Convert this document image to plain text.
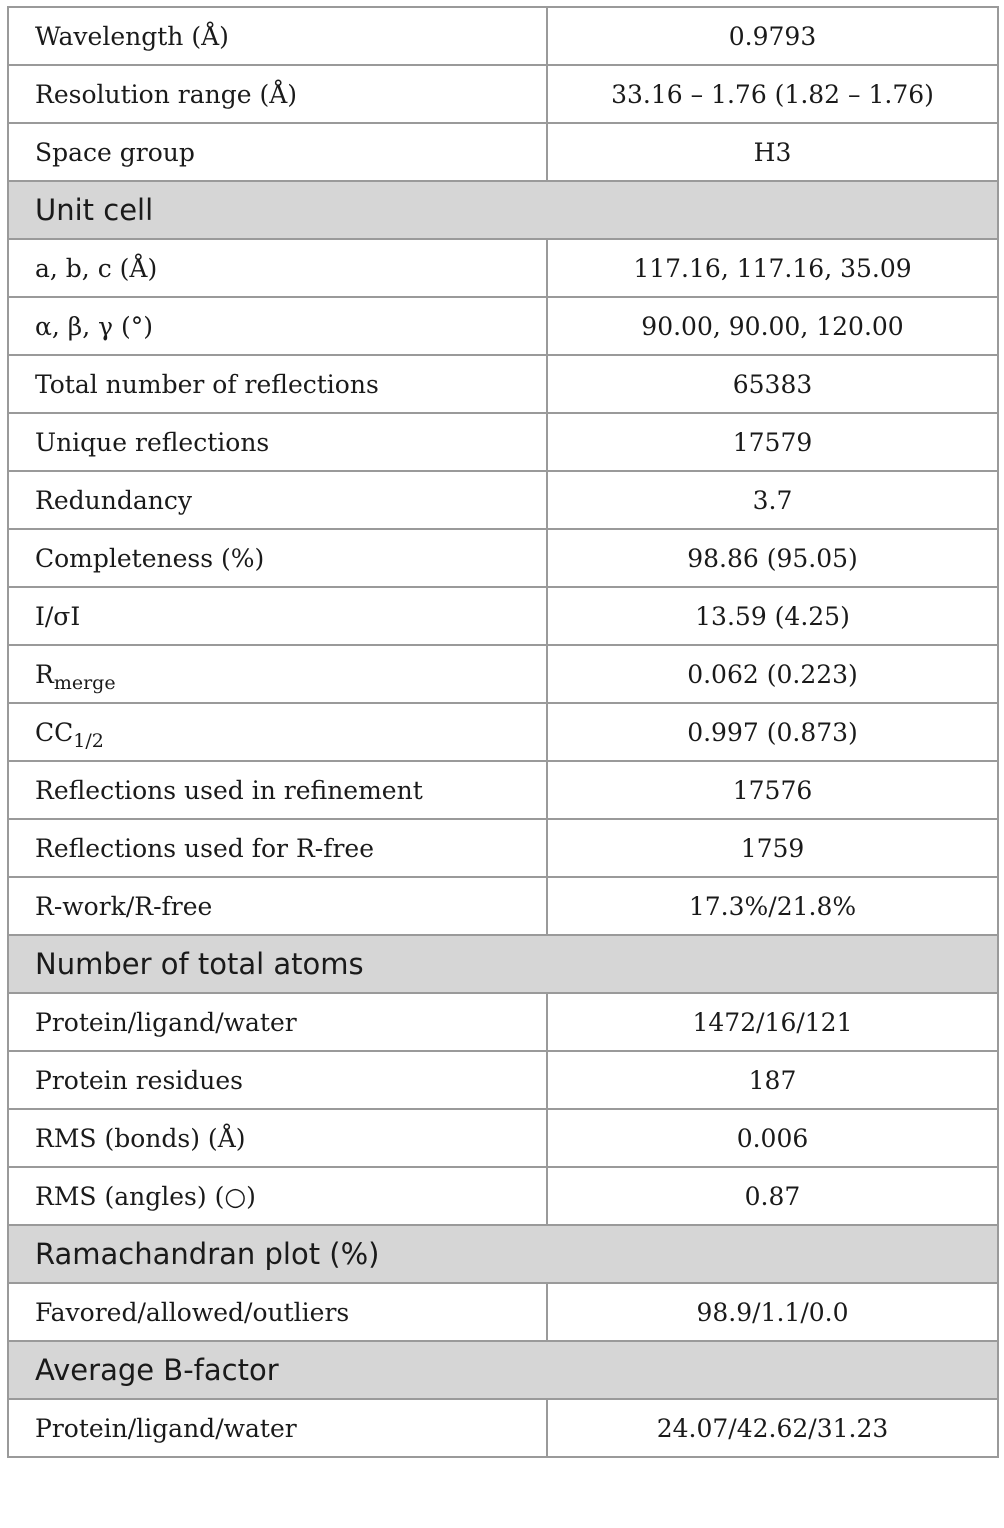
Wavelength (Å)	0.9793
Resolution range (Å)	33.16 – 1.76 (1.82 – 1.76)
Space group	H3
Unit cell	
a, b, c (Å)	117.16, 117.16, 35.09
α, β, γ (°)	90.00, 90.00, 120.00
Total number of reflections	65383
Unique reflections	17579
Redundancy	3.7
Completeness (%)	98.86 (95.05)
I/σI	13.59 (4.25)
$R_{merge}$	0.062 (0.223)
$CC_{1/2}$	0.997 (0.873)
Reflections used in refinement	17576
Reflections used for R-free	1759
R-work/R-free	17.3%/21.8%
Number of total atoms	
Protein/ligand/water	1472/16/121
Protein residues	187
RMS (bonds) (Å)	0.006
RMS (angles) (○)	0.87
Ramachandran plot (%)	
Favored/allowed/outliers	98.9/1.1/0.0
Average B-factor	
Protein/ligand/water	24.07/42.62/31.23
